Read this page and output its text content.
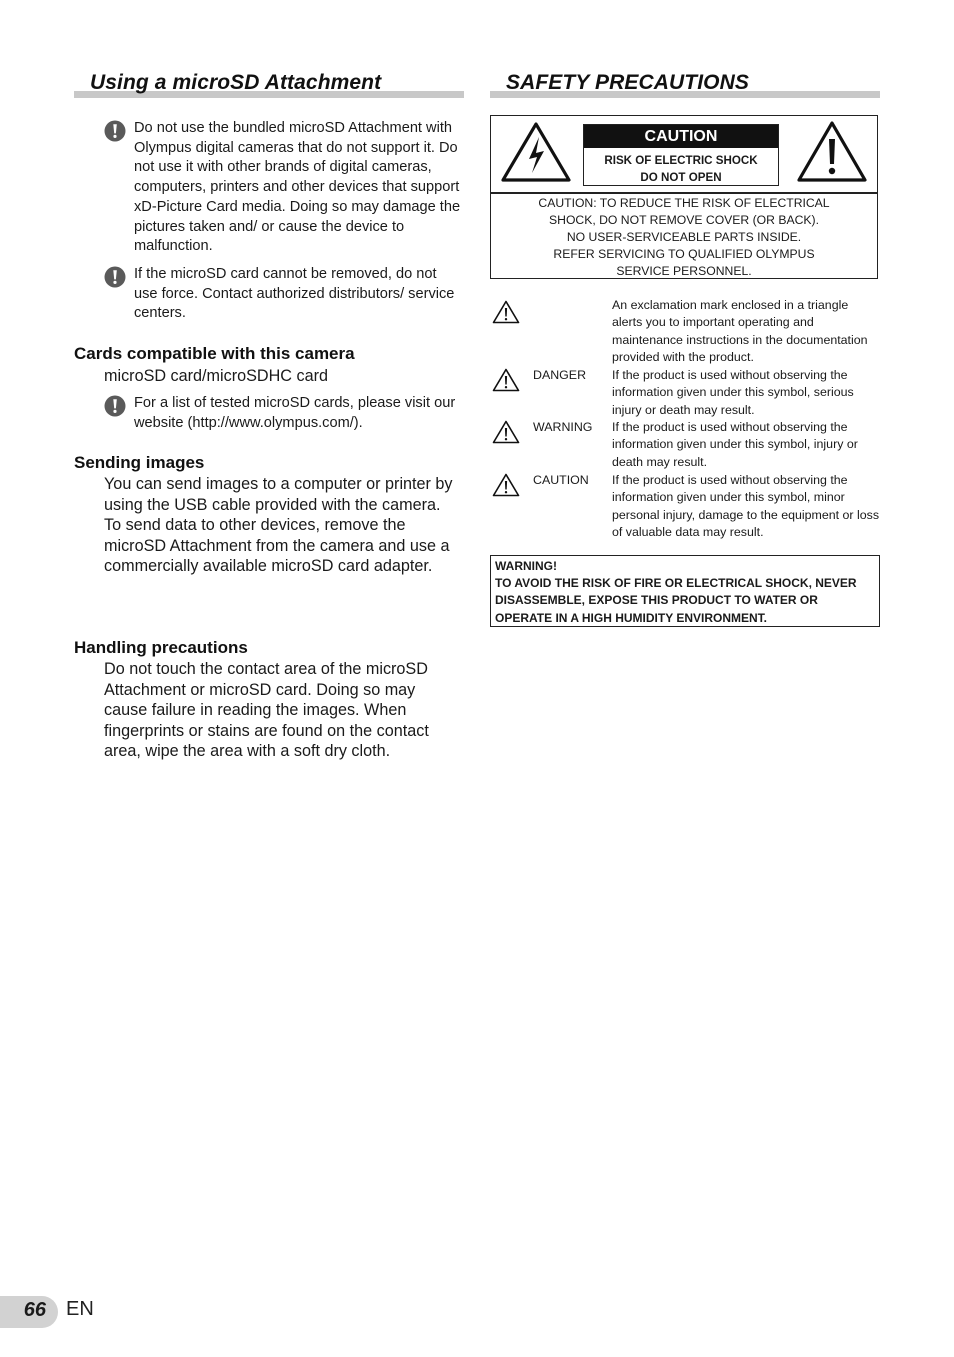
Using a microSD Attachment	SAFETY PRECAUTIONS
Do not use the bundled microSD Attachment with Olympus digital cameras that do not support it. Do not use it with other brands of digital cameras, computers, printers and other devices that support xD-Picture Card media. Doing so may damage the pictures taken and/ or cause the device to malfunction.
If the microSD card cannot be removed, do not use force. Contact authorized distributors/ service centers.
Cards compatible with this camera
microSD card/microSDHC card
For a list of tested microSD cards, please visit our website (http://www.olympus.com/).
Sending images
You can send images to a computer or printer by using the USB cable provided with the camera.
To send data to other devices, remove the microSD Attachment from the camera and use a commercially available microSD card adapter.
Handling precautions
Do not touch the contact area of the microSD Attachment or microSD card. Doing so may cause failure in reading the images. When fingerprints or stains are found on the contact area, wipe the area with a soft dry cloth.
CAUTION
RISK OF ELECTRIC SHOCK
DO NOT OPEN
CAUTION: TO REDUCE THE RISK OF ELECTRICAL
SHOCK, DO NOT REMOVE COVER (OR BACK).
NO USER-SERVICEABLE PARTS INSIDE.
REFER SERVICING TO QUALIFIED OLYMPUS
SERVICE PERSONNEL.
An exclamation mark enclosed in a triangle alerts you to important operating and maintenance instructions in the documentation provided with the product.
DANGER If the product is used without observing the information given under this symbol, serious injury or death may result.
WARNING If the product is used without observing the information given under this symbol, injury or death may result.
CAUTION If the product is used without observing the information given under this symbol, minor personal injury, damage to the equipment or loss of valuable data may result.
WARNING!
TO AVOID THE RISK OF FIRE OR ELECTRICAL SHOCK, NEVER DISASSEMBLE, EXPOSE THIS PRODUCT TO WATER OR OPERATE IN A HIGH HUMIDITY ENVIRONMENT.
66 EN
